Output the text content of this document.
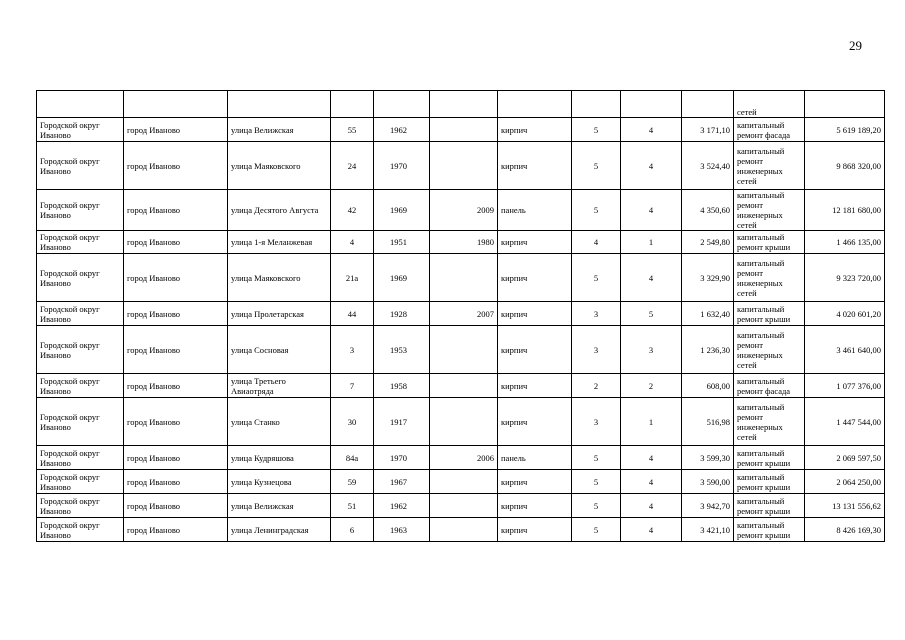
29
										сетей	
Городской округ Иваново	город Иваново	улица Велижская	55	1962		кирпич	5	4	3 171,10	капитальный ремонт фасада	5 619 189,20
Городской округ Иваново	город Иваново	улица Маяковского	24	1970		кирпич	5	4	3 524,40	капитальный ремонт инженерных сетей	9 868 320,00
Городской округ Иваново	город Иваново	улица Десятого Августа	42	1969	2009	панель	5	4	4 350,60	капитальный ремонт инженерных сетей	12 181 680,00
Городской округ Иваново	город Иваново	улица 1-я Меланжевая	4	1951	1980	кирпич	4	1	2 549,80	капитальный ремонт крыши	1 466 135,00
Городской округ Иваново	город Иваново	улица Маяковского	21а	1969		кирпич	5	4	3 329,90	капитальный ремонт инженерных сетей	9 323 720,00
Городской округ Иваново	город Иваново	улица Пролетарская	44	1928	2007	кирпич	3	5	1 632,40	капитальный ремонт крыши	4 020 601,20
Городской округ Иваново	город Иваново	улица Сосновая	3	1953		кирпич	3	3	1 236,30	капитальный ремонт инженерных сетей	3 461 640,00
Городской округ Иваново	город Иваново	улица Третьего Авиаотряда	7	1958		кирпич	2	2	608,00	капитальный ремонт фасада	1 077 376,00
Городской округ Иваново	город Иваново	улица Станко	30	1917		кирпич	3	1	516,98	капитальный ремонт инженерных сетей	1 447 544,00
Городской округ Иваново	город Иваново	улица Кудряшова	84а	1970	2006	панель	5	4	3 599,30	капитальный ремонт крыши	2 069 597,50
Городской округ Иваново	город Иваново	улица Кузнецова	59	1967		кирпич	5	4	3 590,00	капитальный ремонт крыши	2 064 250,00
Городской округ Иваново	город Иваново	улица Велижская	51	1962		кирпич	5	4	3 942,70	капитальный ремонт крыши	13 131 556,62
Городской округ Иваново	город Иваново	улица Ленинградская	6	1963		кирпич	5	4	3 421,10	капитальный ремонт крыши	8 426 169,30
